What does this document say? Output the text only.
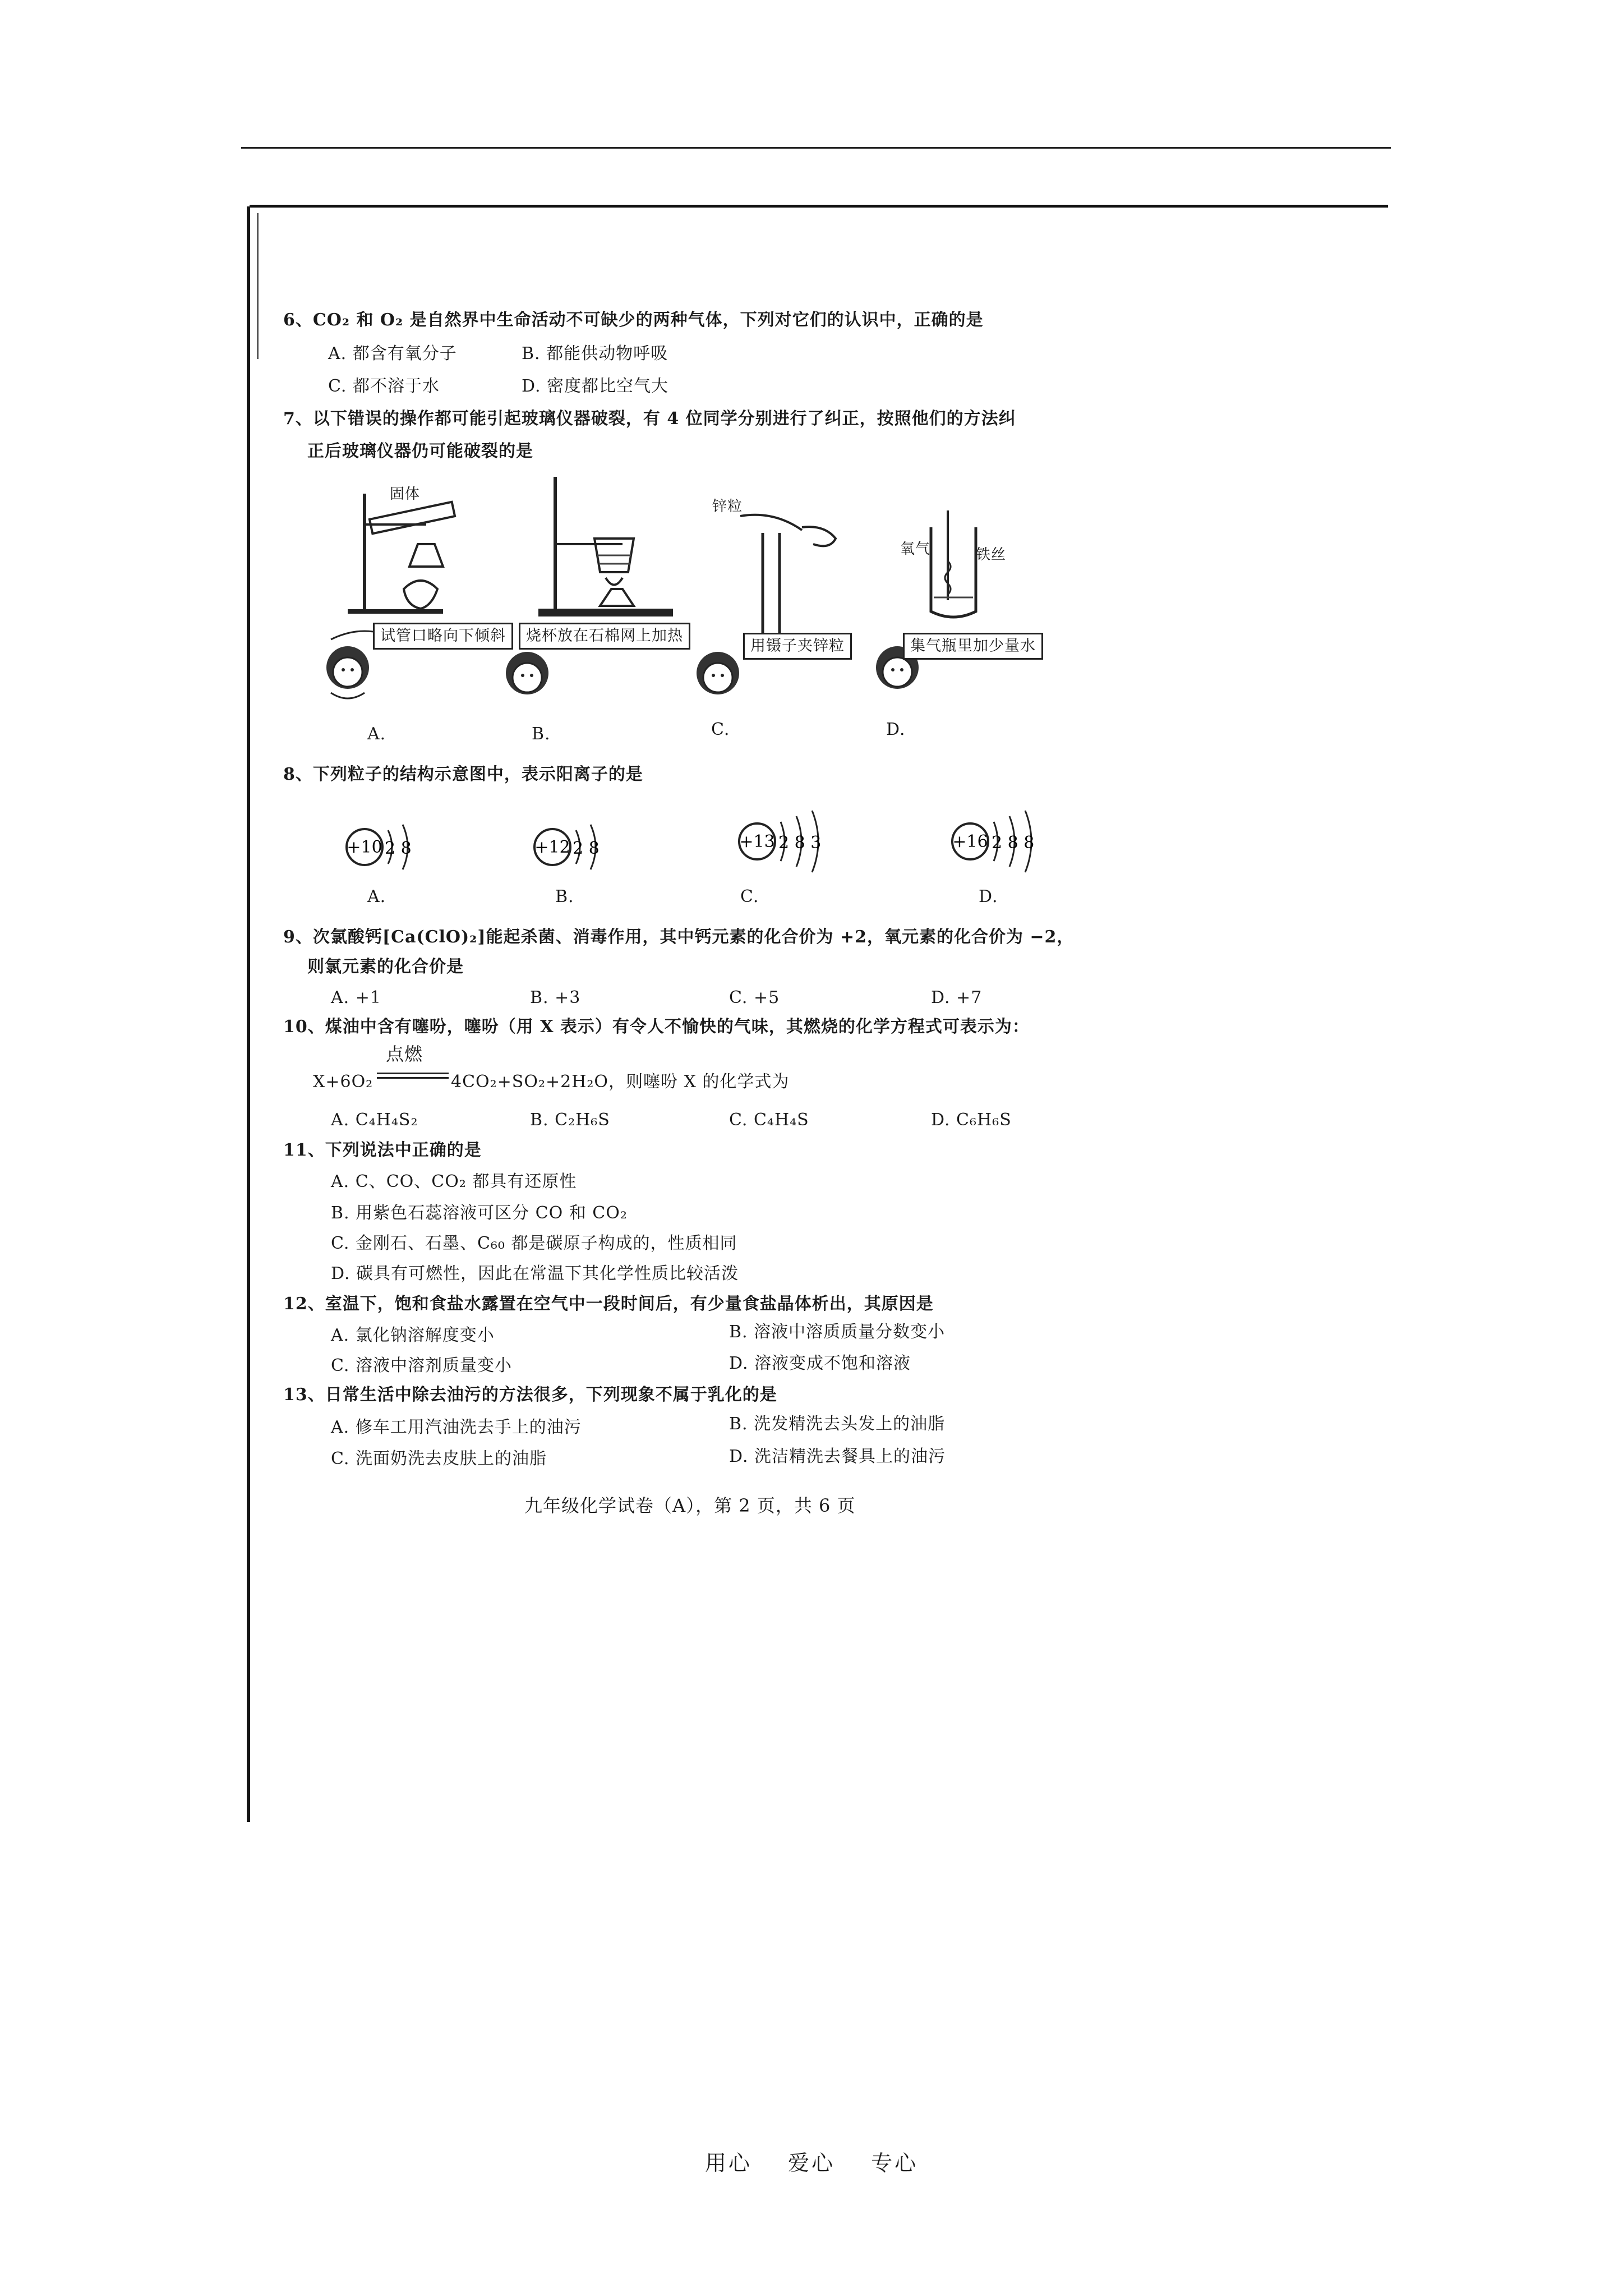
6、CO₂ 和 O₂ 是自然界中生命活动不可缺少的两种气体，下列对它们的认识中，正确的是
A. 都含有氧分子	B. 都能供动物呼吸
C. 都不溶于水	D. 密度都比空气大
7、以下错误的操作都可能引起玻璃仪器破裂，有 4 位同学分别进行了纠正，按照他们的方法纠
正后玻璃仪器仍可能破裂的是
固体
试管口略向下倾斜
A.
烧杯放在石棉网上加热
B.
锌粒
用镊子夹锌粒
C.
氧气	铁丝
集气瓶里加少量水
D.
8、下列粒子的结构示意图中，表示阳离子的是
+10 2 8
A.
+12 2 8
B.
+13 2 8 3
C.
+16 2 8 8
D.
9、次氯酸钙[Ca(ClO)₂]能起杀菌、消毒作用，其中钙元素的化合价为 +2，氧元素的化合价为 −2，
则氯元素的化合价是
A. +1	B. +3	C. +5	D. +7
10、煤油中含有噻吩，噻吩（用 X 表示）有令人不愉快的气味，其燃烧的化学方程式可表示为：
点燃
X+6O₂	4CO₂+SO₂+2H₂O，则噻吩 X 的化学式为
A. C₄H₄S₂	B. C₂H₆S	C. C₄H₄S	D. C₆H₆S
11、下列说法中正确的是
A. C、CO、CO₂ 都具有还原性
B. 用紫色石蕊溶液可区分 CO 和 CO₂
C. 金刚石、石墨、C₆₀ 都是碳原子构成的，性质相同
D. 碳具有可燃性，因此在常温下其化学性质比较活泼
12、室温下，饱和食盐水露置在空气中一段时间后，有少量食盐晶体析出，其原因是
A. 氯化钠溶解度变小	B. 溶液中溶质质量分数变小
C. 溶液中溶剂质量变小	D. 溶液变成不饱和溶液
13、日常生活中除去油污的方法很多，下列现象不属于乳化的是
A. 修车工用汽油洗去手上的油污	B. 洗发精洗去头发上的油脂
C. 洗面奶洗去皮肤上的油脂	D. 洗洁精洗去餐具上的油污
九年级化学试卷（A），第 2 页，共 6 页
用心 爱心 专心
